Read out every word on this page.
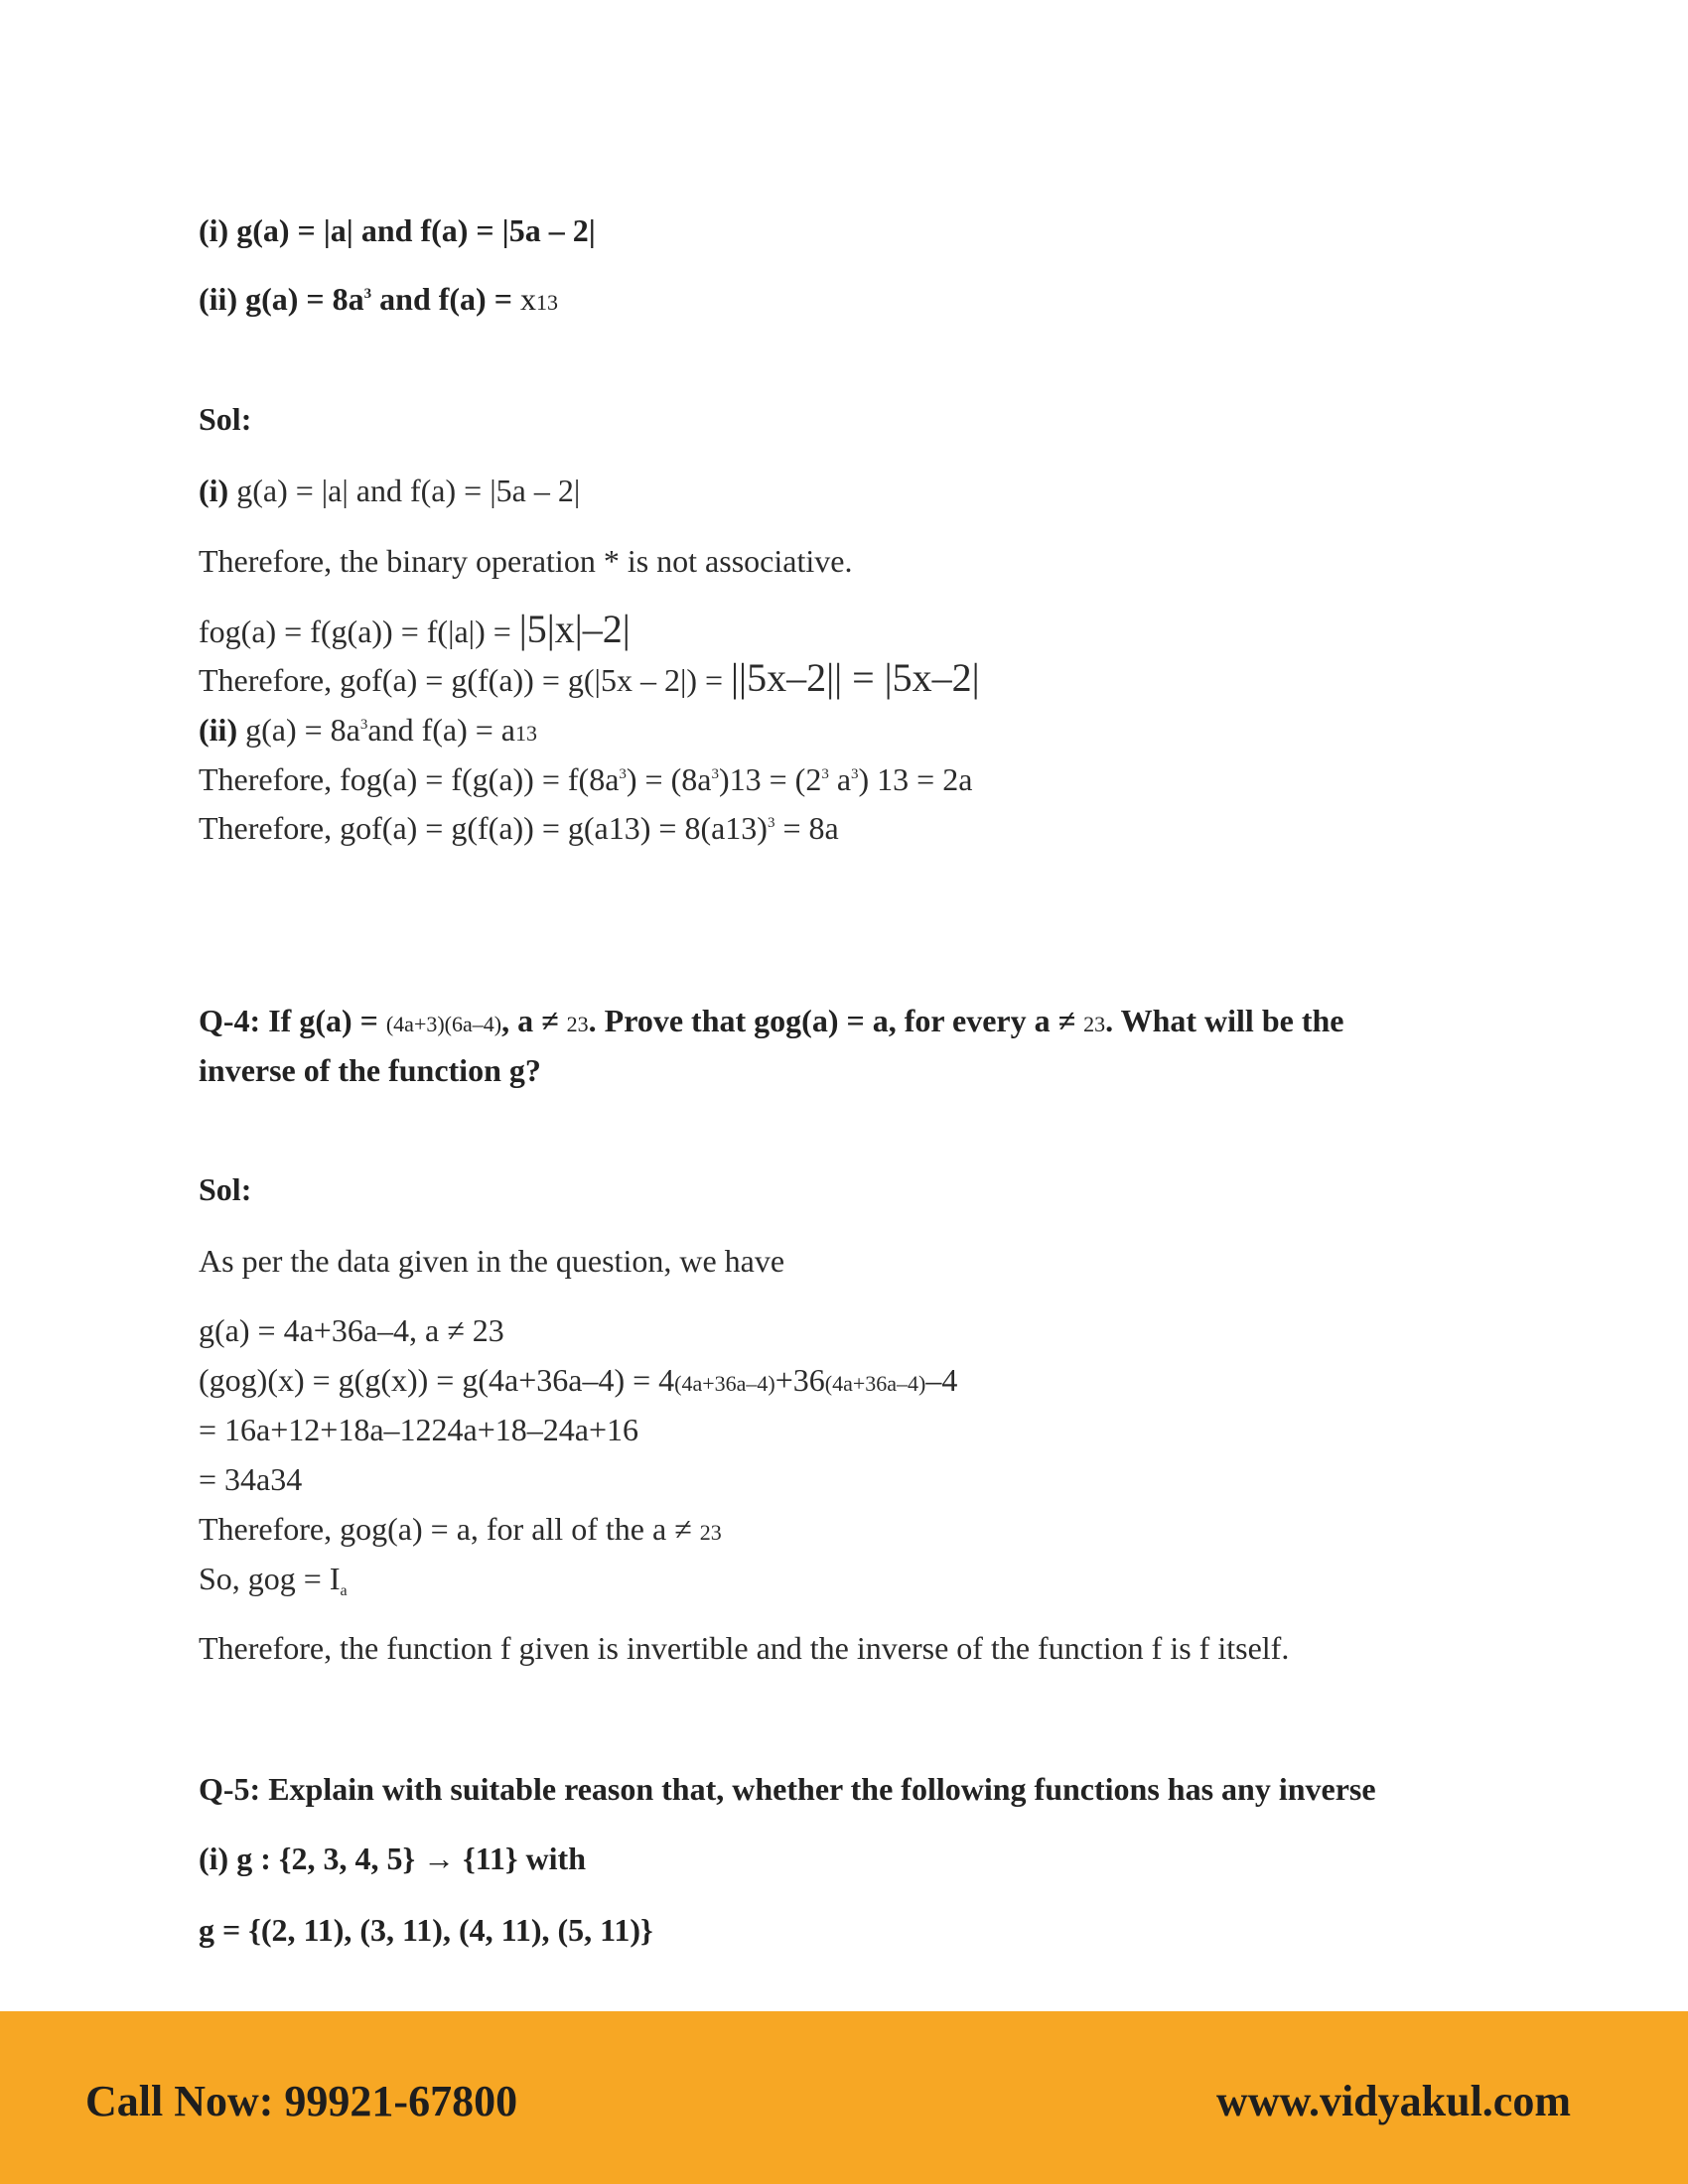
(i) g(a) = |a| and f(a) = |5a – 2|
(ii) $g(a) = 8a^3$ and f(a) = x13
Sol:
(i) g(a) = |a| and f(a) = |5a – 2|
Therefore, the binary operation * is not associative.
fog(a) = f(g(a)) = f(|a|) = |5|x|–2|
Therefore, gof(a) = g(f(a)) = g(|5x – 2|) = ||5x–2|| = |5x–2|
(ii) $g(a) = 8a^3and$ f(a) = a13
Therefore, $fog(a) = f(g(a)) = f(8a^3) = (8a^3)13 = (2^3$ $a^3$) 13 = 2a
Therefore, $gof(a) = g(f(a)) = g(a13) = 8(a13)^3 = 8a$
Q-4: If g(a) = (4a+3)(6a–4), a ≠ 23. Prove that gog(a) = a, for every a ≠ 23. What will be the
inverse of the function g?
Sol:
As per the data given in the question, we have
g(a) = 4a+36a–4, a ≠ 23
(gog)(x) = g(g(x)) = g(4a+36a–4) = 4(4a+36a–4)+36(4a+36a–4)–4
= 16a+12+18a–1224a+18–24a+16
= 34a34
Therefore, gog(a) = a, for all of the a ≠ 23
So, gog = $I_a$
Therefore, the function f given is invertible and the inverse of the function f is f itself.
Q-5: Explain with suitable reason that, whether the following functions has any inverse
(i) g : {2, 3, 4, 5} → {11} with
g = {(2, 11), (3, 11), (4, 11), (5, 11)}
Call Now: 99921-67800	www.vidyakul.com
